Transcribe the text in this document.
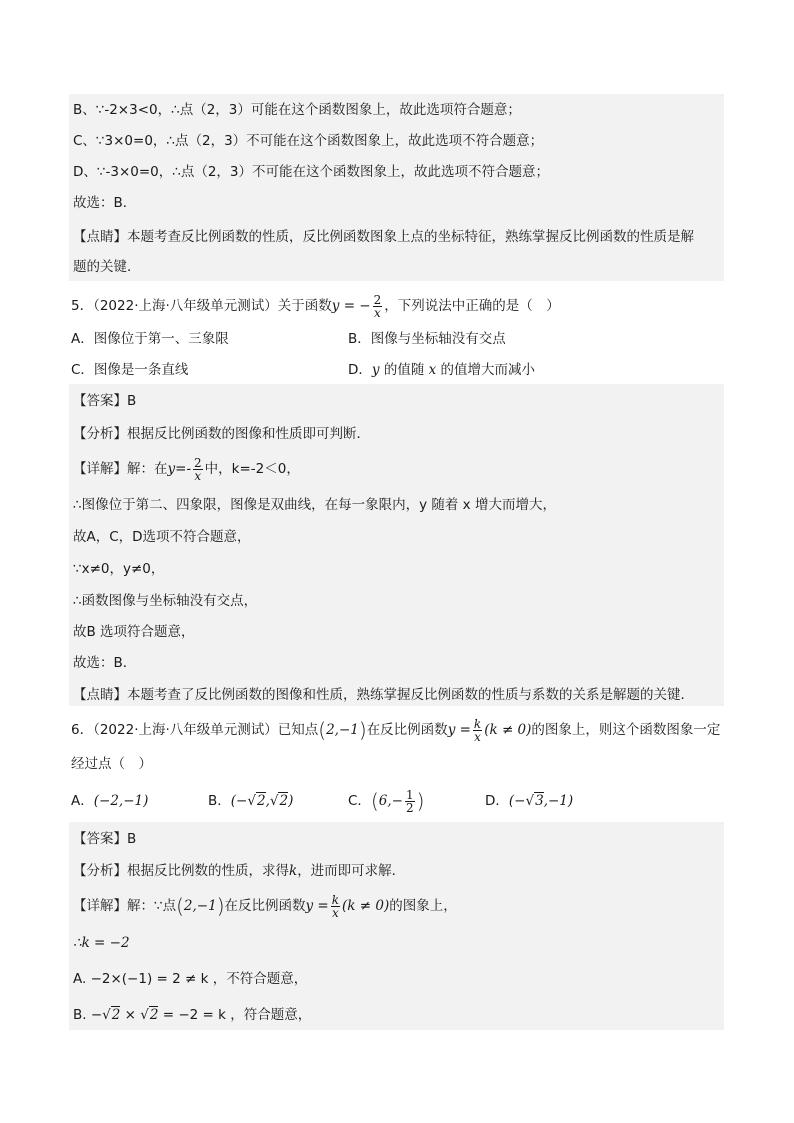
B、∵-2×3<0，∴点（2，3）可能在这个函数图象上，故此选项符合题意；
C、∵3×0=0，∴点（2，3）不可能在这个函数图象上，故此选项不符合题意；
D、∵-3×0=0，∴点（2，3）不可能在这个函数图象上，故此选项不符合题意；
故选：B．
【点睛】本题考查反比例函数的性质，反比例函数图象上点的坐标特征，熟练掌握反比例函数的性质是解
题的关键．
5．（2022·上海·八年级单元测试）关于函数y = − $\frac{2}{x}$ ，下列说法中正确的是（　）
A．图像位于第一、三象限	B．图像与坐标轴没有交点
C．图像是一条直线	D．y 的值随 x 的值增大而减小
【答案】B
【分析】根据反比例函数的图像和性质即可判断．
【详解】解：在$y=- \frac{2}{x}$ 中，k=-2＜0，
∴图像位于第二、四象限，图像是双曲线，在每一象限内，y 随着 x 增大而增大，
故A，C，D选项不符合题意，
∵x≠0，y≠0，
∴函数图像与坐标轴没有交点，
故B 选项符合题意，
故选：B．
【点睛】本题考查了反比例函数的图像和性质，熟练掌握反比例函数的性质与系数的关系是解题的关键．
6．（2022·上海·八年级单元测试）已知点(2,−1)在反比例函数$y = \frac{k}{x} (k \ne 0)$的图象上，则这个函数图象一定
经过点（　）
A．(−2,−1)	B．(−√2,√2)	C．($6,- \frac{1}{2}$ )	D．(−√3,−1)
【答案】B
【分析】根据反比例数的性质，求得k，进而即可求解．
【详解】解：∵点(2,−1)在反比例函数$y = \frac{k}{x} (k \ne 0)$的图象上，
∴k = −2
A. −2×(−1) = 2 ≠ k ，不符合题意，
B. −√2 × √2 = −2 = k ，符合题意，
